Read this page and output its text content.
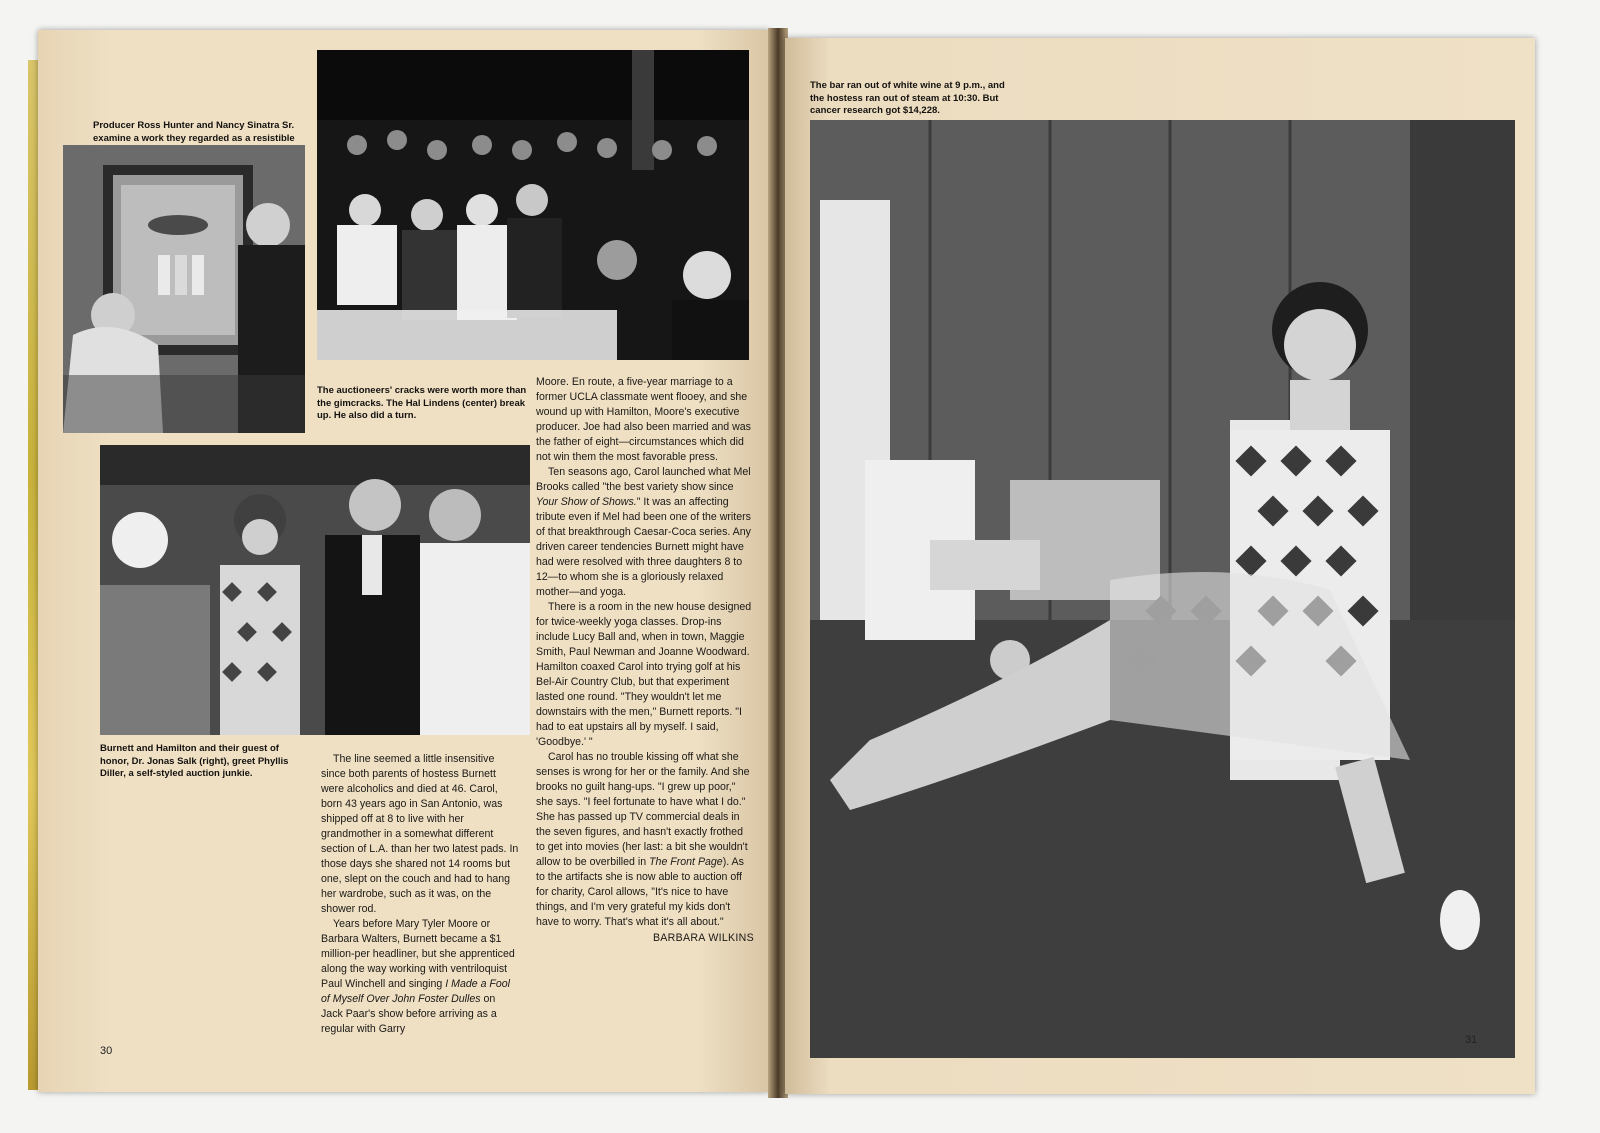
Producer Ross Hunter and Nancy Sinatra Sr. examine a work they regarded as a resistible
The auctioneers' cracks were worth more than the gimcracks. The Hal Lindens (center) break up. He also did a turn.
Burnett and Hamilton and their guest of honor, Dr. Jonas Salk (right), greet Phyllis Diller, a self-styled auction junkie.

The line seemed a little insensitive since both parents of hostess Burnett were alcoholics and died at 46. Carol, born 43 years ago in San Antonio, was shipped off at 8 to live with her grandmother in a somewhat different section of L.A. than her two latest pads. In those days she shared not 14 rooms but one, slept on the couch and had to hang her wardrobe, such as it was, on the shower rod.

Years before Mary Tyler Moore or Barbara Walters, Burnett became a $1 million-per headliner, but she apprenticed along the way working with ventriloquist Paul Winchell and singing I Made a Fool of Myself Over John Foster Dulles on Jack Paar's show before arriving as a regular with Garry

Moore. En route, a five-year marriage to a former UCLA classmate went flooey, and she wound up with Hamilton, Moore's executive producer. Joe had also been married and was the father of eight—circumstances which did not win them the most favorable press.

Ten seasons ago, Carol launched what Mel Brooks called "the best variety show since Your Show of Shows." It was an affecting tribute even if Mel had been one of the writers of that breakthrough Caesar-Coca series. Any driven career tendencies Burnett might have had were resolved with three daughters 8 to 12—to whom she is a gloriously relaxed mother—and yoga.

There is a room in the new house designed for twice-weekly yoga classes. Drop-ins include Lucy Ball and, when in town, Maggie Smith, Paul Newman and Joanne Woodward. Hamilton coaxed Carol into trying golf at his Bel-Air Country Club, but that experiment lasted one round. "They wouldn't let me downstairs with the men," Burnett reports. "I had to eat upstairs all by myself. I said, 'Goodbye.' "

Carol has no trouble kissing off what she senses is wrong for her or the family. And she brooks no guilt hang-ups. "I grew up poor," she says. "I feel fortunate to have what I do." She has passed up TV commercial deals in the seven figures, and hasn't exactly frothed to get into movies (her last: a bit she wouldn't allow to be overbilled in The Front Page). As to the artifacts she is now able to auction off for charity, Carol allows, "It's nice to have things, and I'm very grateful my kids don't have to worry. That's what it's all about."

BARBARA WILKINS

30
The bar ran out of white wine at 9 p.m., and the hostess ran out of steam at 10:30. But cancer research got $14,228.
31
